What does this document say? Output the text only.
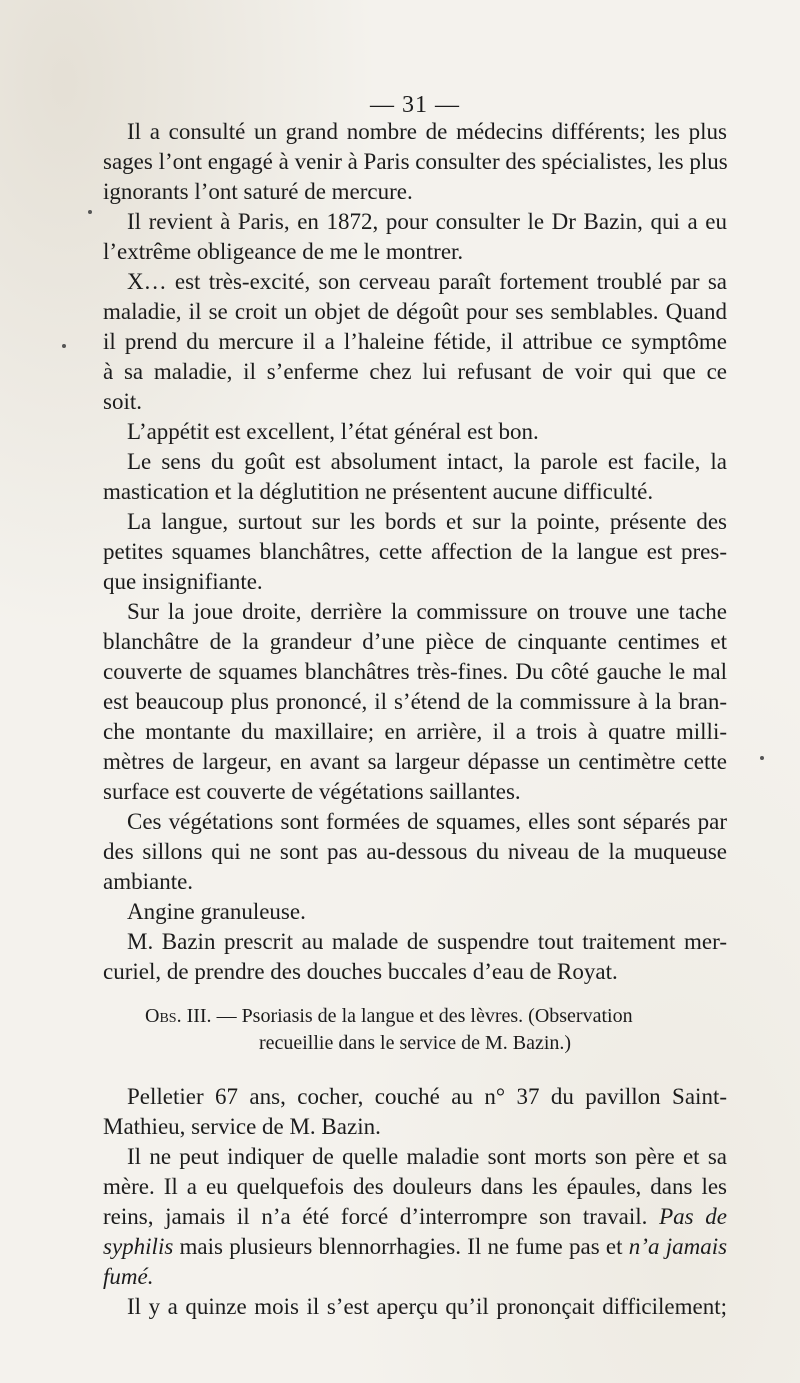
— 31 —
Il a consulté un grand nombre de médecins différents; les plus
sages l’ont engagé à venir à Paris consulter des spécialistes, les plus
ignorants l’ont saturé de mercure.
Il revient à Paris, en 1872, pour consulter le Dr Bazin, qui a eu
l’extrême obligeance de me le montrer.
X… est très-excité, son cerveau paraît fortement troublé par sa
maladie, il se croit un objet de dégoût pour ses semblables. Quand
il prend du mercure il a l’haleine fétide, il attribue ce symptôme
à sa maladie, il s’enferme chez lui refusant de voir qui que ce
soit.
L’appétit est excellent, l’état général est bon.
Le sens du goût est absolument intact, la parole est facile, la
mastication et la déglutition ne présentent aucune difficulté.
La langue, surtout sur les bords et sur la pointe, présente des
petites squames blanchâtres, cette affection de la langue est pres-
que insignifiante.
Sur la joue droite, derrière la commissure on trouve une tache
blanchâtre de la grandeur d’une pièce de cinquante centimes et
couverte de squames blanchâtres très-fines. Du côté gauche le mal
est beaucoup plus prononcé, il s’étend de la commissure à la bran-
che montante du maxillaire; en arrière, il a trois à quatre milli-
mètres de largeur, en avant sa largeur dépasse un centimètre cette
surface est couverte de végétations saillantes.
Ces végétations sont formées de squames, elles sont séparés par
des sillons qui ne sont pas au-dessous du niveau de la muqueuse
ambiante.
Angine granuleuse.
M. Bazin prescrit au malade de suspendre tout traitement mer-
curiel, de prendre des douches buccales d’eau de Royat.
Obs. III. — Psoriasis de la langue et des lèvres. (Observation
recueillie dans le service de M. Bazin.)
Pelletier 67 ans, cocher, couché au n° 37 du pavillon Saint-
Mathieu, service de M. Bazin.
Il ne peut indiquer de quelle maladie sont morts son père et sa
mère. Il a eu quelquefois des douleurs dans les épaules, dans les
reins, jamais il n’a été forcé d’interrompre son travail. Pas de
syphilis mais plusieurs blennorrhagies. Il ne fume pas et n’a jamais
fumé.
Il y a quinze mois il s’est aperçu qu’il prononçait difficilement;
